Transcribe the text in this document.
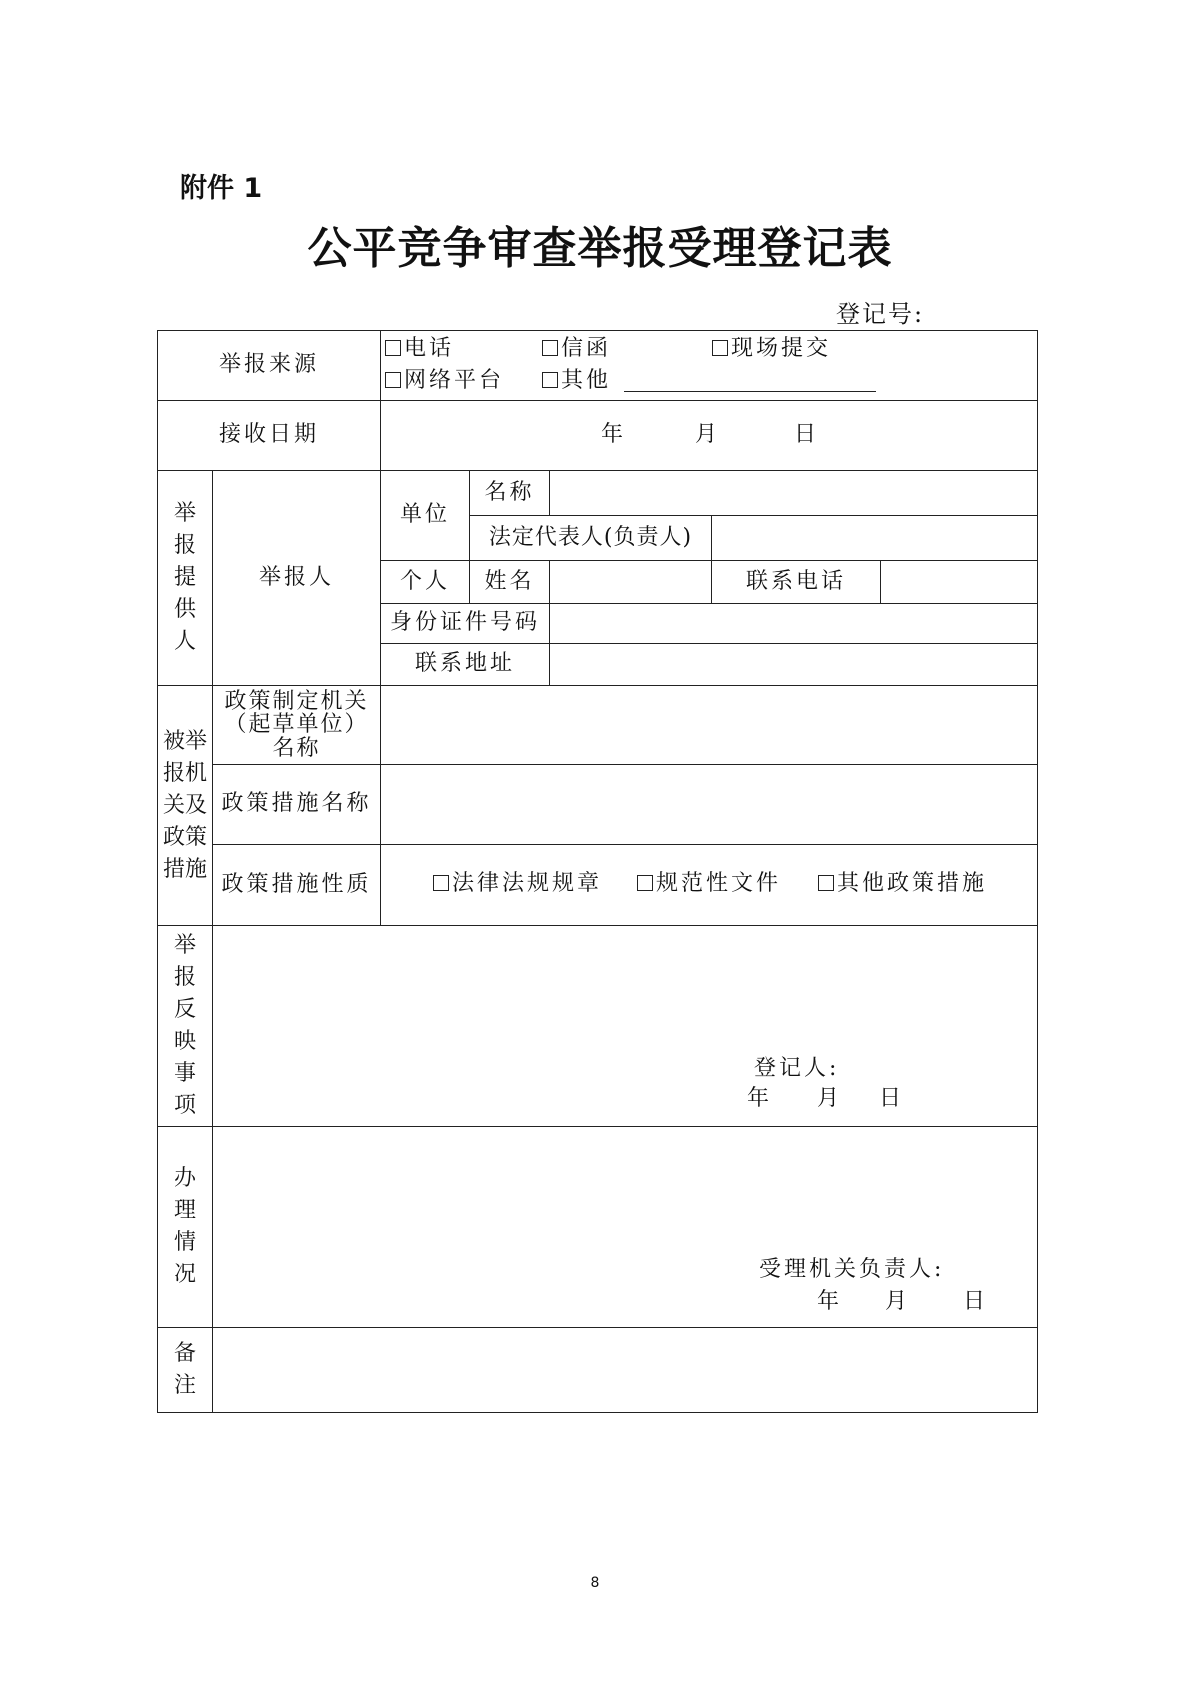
附件 1
公平竞争审查举报受理登记表
登记号:
举报来源		电话 信函 现场提交
网络平台 其他				

接收日期		年 月 日				

举报提供人	举报人	单位	名称			
			法定代表人(负责人)			
		个人	姓名		联系电话	
		身份证件号码				
		联系地址				
被举报机关及政策措施	政策制定机关（起草单位）名称					
	政策措施名称					
	政策措施性质	法律法规规章 规范性文件 其他政策措施				

举报反映事项	登记人:
年 月 日					

办理情况	受理机关负责人:
年 月 日					

备注						
8
